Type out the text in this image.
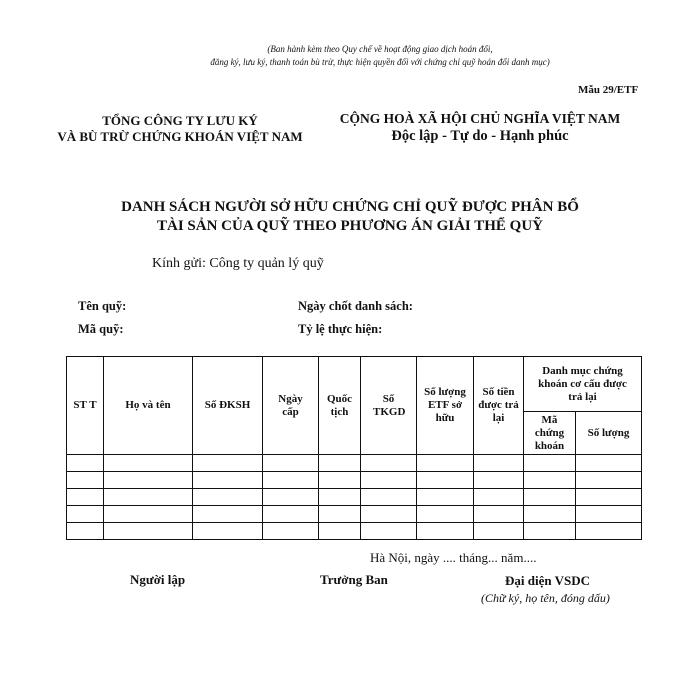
(Ban hành kèm theo Quy chế về hoạt động giao dịch hoán đổi,
đăng ký, lưu ký, thanh toán bù trừ, thực hiện quyền đối với chứng chỉ quỹ hoán đổi danh mục)
Mẫu 29/ETF
TỔNG CÔNG TY LƯU KÝ
VÀ BÙ TRỪ CHỨNG KHOÁN VIỆT NAM
CỘNG HOÀ XÃ HỘI CHỦ NGHĨA VIỆT NAM
Độc lập - Tự do - Hạnh phúc
DANH SÁCH NGƯỜI SỞ HỮU CHỨNG CHỈ QUỸ ĐƯỢC PHÂN BỔ
TÀI SẢN CỦA QUỸ THEO PHƯƠNG ÁN GIẢI THỂ QUỸ
Kính gửi: Công ty quản lý quỹ
Tên quỹ:
Mã quỹ:
Ngày chốt danh sách:
Tỷ lệ thực hiện:
ST T	Họ và tên	Số ĐKSH	Ngày cấp	Quốc tịch	Số TKGD	Số lượng ETF sở hữu	Số tiền được trả lại	Danh mục chứng khoán cơ cấu được trả lại	
								Mã chứng khoán	Số lượng

Hà Nội, ngày .... tháng... năm....
Người lập	Trưởng Ban	Đại diện VSDC
(Chữ ký, họ tên, đóng dấu)
